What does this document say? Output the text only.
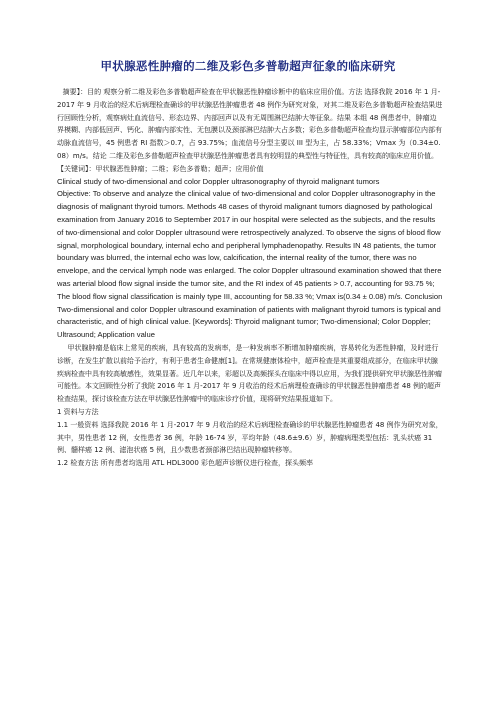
甲状腺恶性肿瘤的二维及彩色多普勒超声征象的临床研究

摘要】：目的 观察分析二维及彩色多普勒超声检查在甲状腺恶性肿瘤诊断中的临床应用价值。方法 选择我院 2016 年 1 月-2017 年 9 月收治的经术后病理检查确诊的甲状腺恶性肿瘤患者 48 例作为研究对象，对其二维及彩色多普勒超声检查结果进行回顾性分析，观察病灶血流信号、形态边界、内部回声以及有无周围淋巴结肿大等征象。结果 本组 48 例患者中，肿瘤边界模糊、内部低回声、钙化、肿瘤内部实性、无包膜以及颈部淋巴结肿大占多数；彩色多普勒超声检查均显示肿瘤部位内部有动脉血流信号，45 例患者 RI 指数＞0.7，占 93.75%；血流信号分型主要以 III 型为主，占 58.33%；Vmax 为（0.34±0.08）m/s。结论 二维及彩色多普勒超声检查甲状腺恶性肿瘤患者具有较明显的典型性与特征性，具有较高的临床应用价值。

【关键词】：甲状腺恶性肿瘤；二维；彩色多普勒；超声；应用价值

Clinical study of two-dimensional and color Doppler ultrasonography of thyroid malignant tumors

Objective: To observe and analyze the clinical value of two-dimensional and color Doppler ultrasonography in the diagnosis of malignant thyroid tumors. Methods 48 cases of thyroid malignant tumors diagnosed by pathological examination from January 2016 to September 2017 in our hospital were selected as the subjects, and the results of two-dimensional and color Doppler ultrasound were retrospectively analyzed. To observe the signs of blood flow signal, morphological boundary, internal echo and peripheral lymphadenopathy. Results IN 48 patients, the tumor boundary was blurred, the internal echo was low, calcification, the internal reality of the tumor, there was no envelope, and the cervical lymph node was enlarged. The color Doppler ultrasound examination showed that there was arterial blood flow signal inside the tumor site, and the RI index of 45 patients > 0.7, accounting for 93.75 %; The blood flow signal classification is mainly type III, accounting for 58.33 %; Vmax is(0.34 ± 0.08) m/s. Conclusion Two-dimensional and color Doppler ultrasound examination of patients with malignant thyroid tumors is typical and characteristic, and of high clinical value. [Keywords]: Thyroid malignant tumor; Two-dimensional; Color Doppler; Ultrasound; Application value

甲状腺肿瘤是临床上常见的疾病，具有较高的发病率，是一种发病率不断增加肿瘤疾病，容易转化为恶性肿瘤，及时进行诊断，在发生扩散以前给予治疗，有利于患者生命健康[1]。在常规健康体检中，超声检查是其重要组成部分，在临床甲状腺疾病检查中具有较高敏感性，效果显著。近几年以来，彩超以及高频探头在临床中得以应用，为我们提供研究甲状腺恶性肿瘤可能性。本文回顾性分析了我院 2016 年 1 月-2017 年 9 月收治的经术后病理检查确诊的甲状腺恶性肿瘤患者 48 例的超声检查结果，探讨该检查方法在甲状腺恶性肿瘤中的临床诊疗价值，现将研究结果报道如下。

1 资料与方法

1.1 一般资料 选择我院 2016 年 1 月-2017 年 9 月收治的经术后病理检查确诊的甲状腺恶性肿瘤患者 48 例作为研究对象，其中，男性患者 12 例，女性患者 36 例，年龄 16-74 岁，平均年龄（48.6±9.6）岁，肿瘤病理类型包括：乳头状癌 31 例、髓样癌 12 例、滤泡状癌 5 例，且少数患者颈部淋巴结出现肿瘤转移等。

1.2 检查方法 所有患者均选用 ATL HDL3000 彩色超声诊断仪进行检查，探头频率
